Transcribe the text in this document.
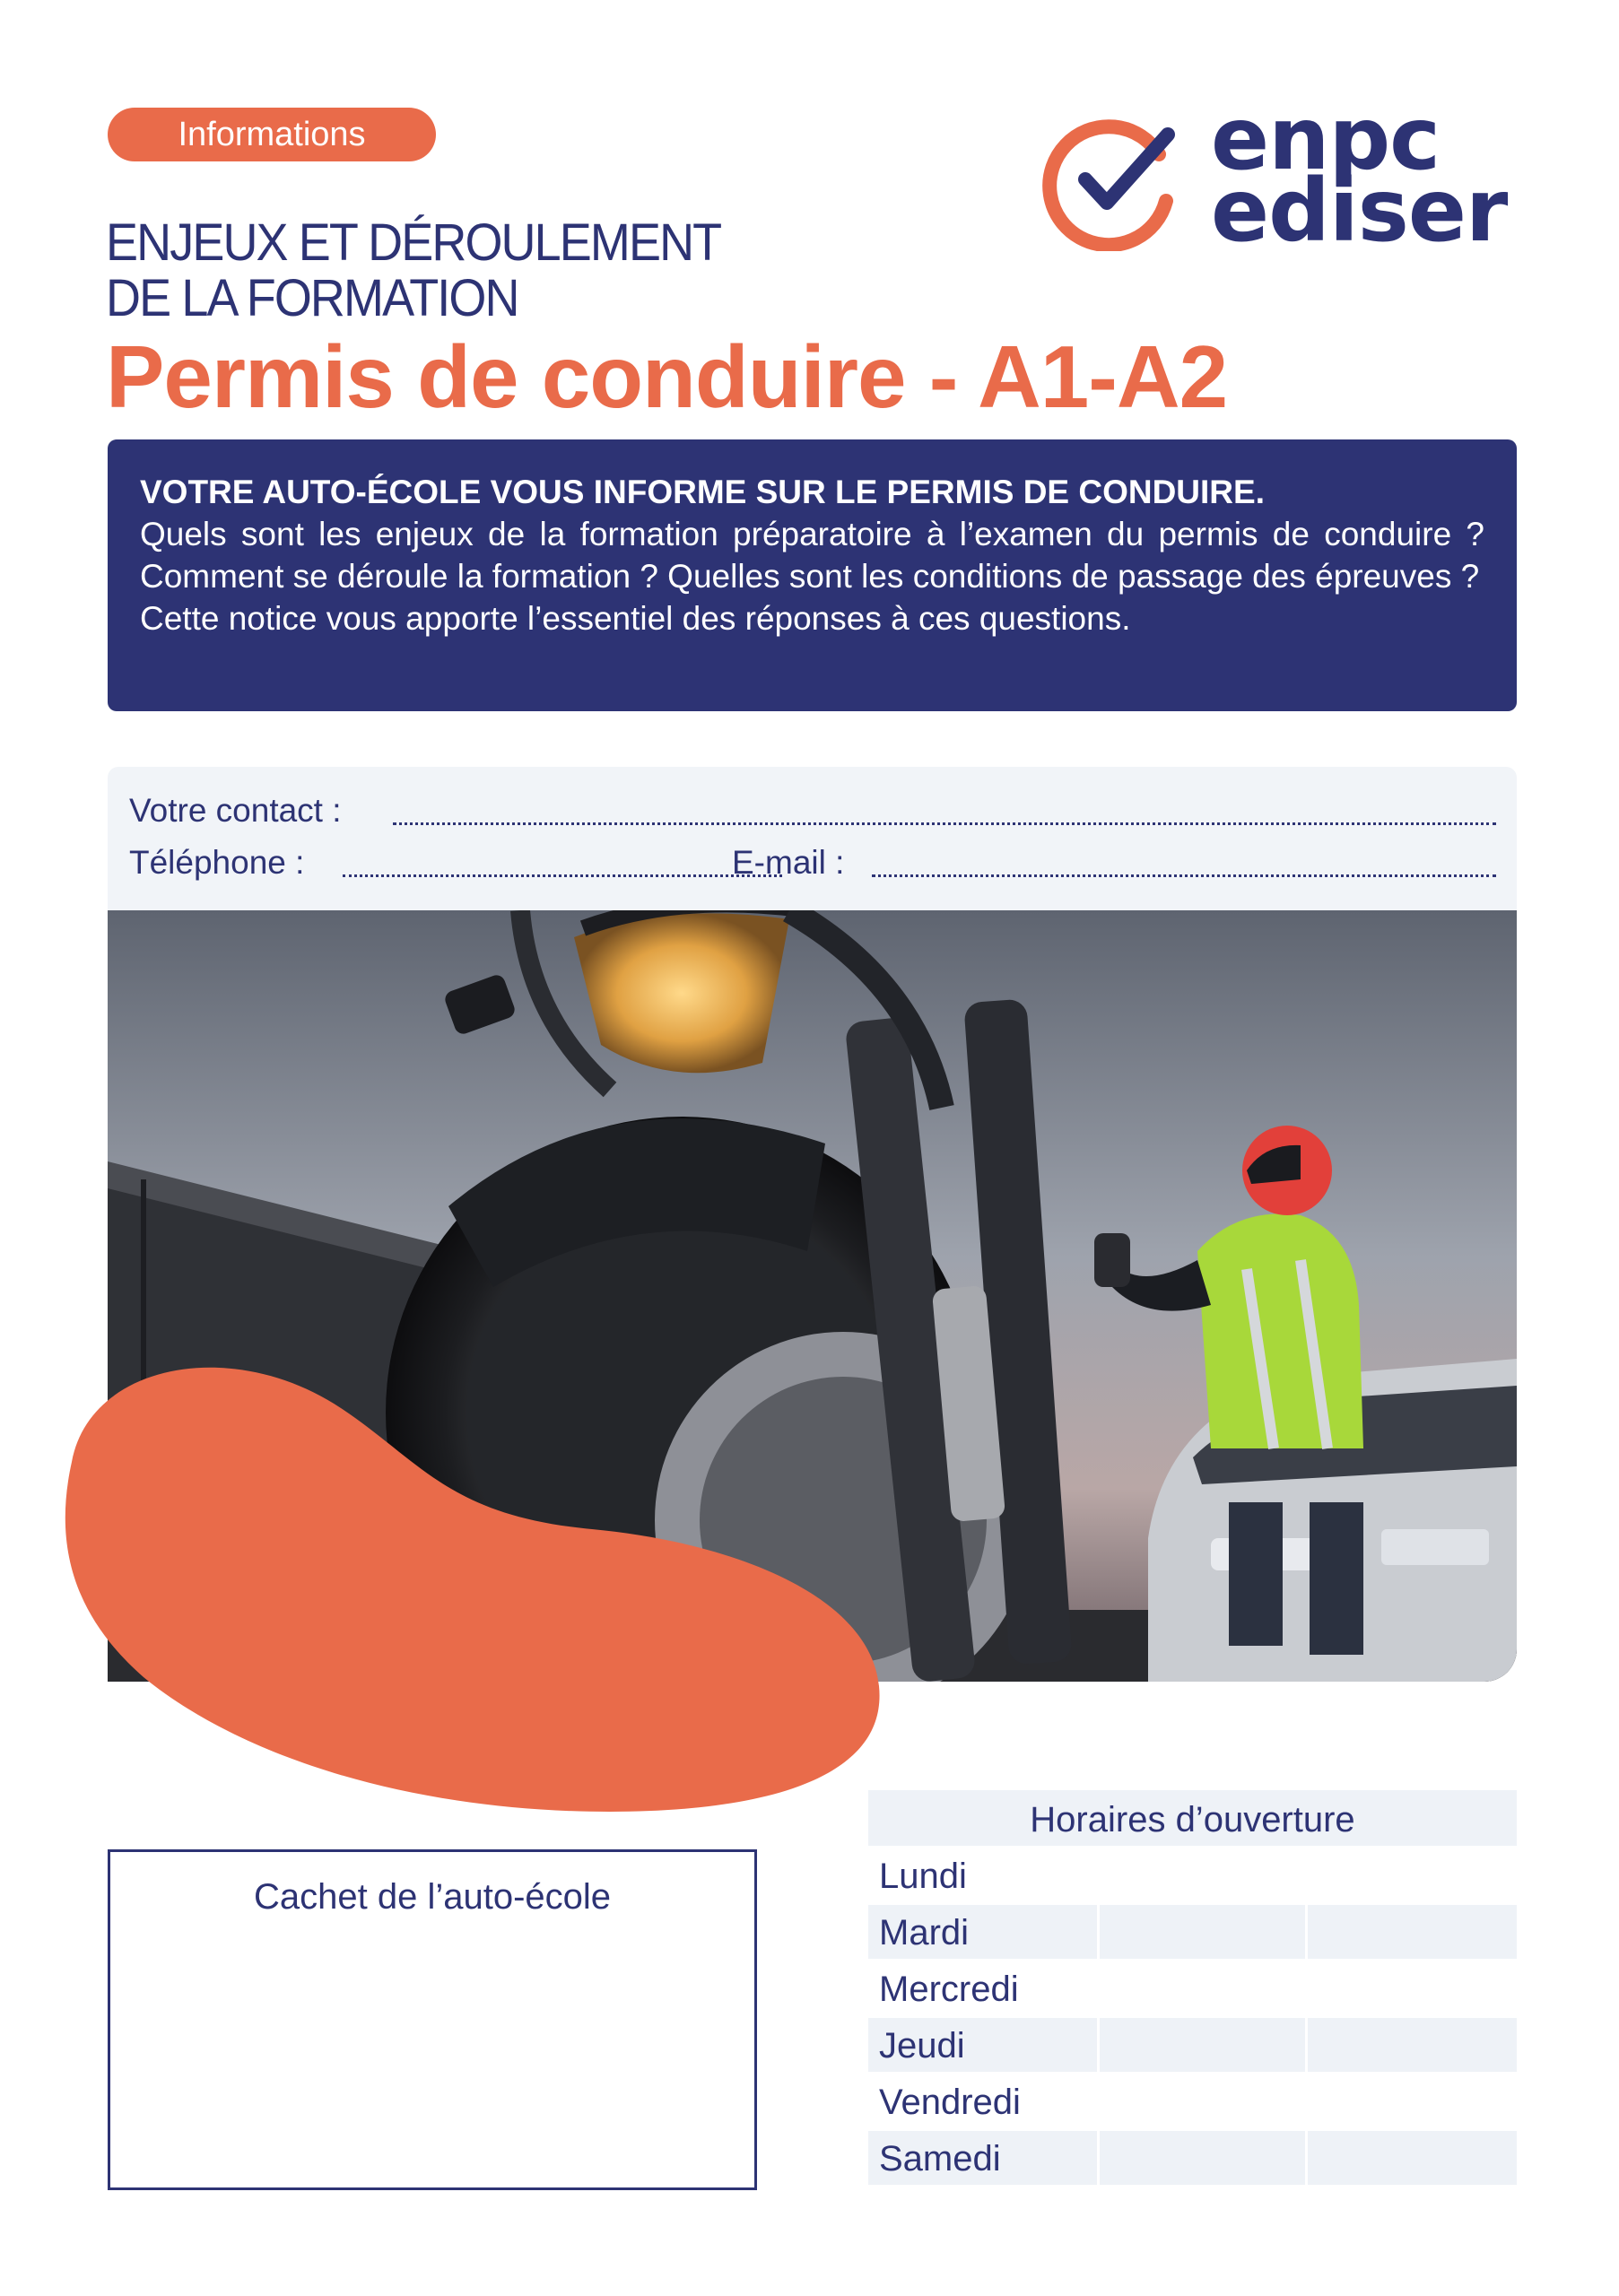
Informations	enpc
ediser
ENJEUX ET DÉROULEMENT
DE LA FORMATION
Permis de conduire - A1-A2
VOTRE AUTO-ÉCOLE VOUS INFORME SUR LE PERMIS DE CONDUIRE.
Quels sont les enjeux de la formation préparatoire à l’examen du permis de conduire ? Comment se déroule la formation ? Quelles sont les conditions de passage des épreuves ?
Cette notice vous apporte l’essentiel des réponses à ces questions.
Votre contact :
Téléphone :	E-mail :
Cachet de l’auto-école
Horaires d’ouverture
Lundi
Mardi
Mercredi
Jeudi
Vendredi
Samedi
